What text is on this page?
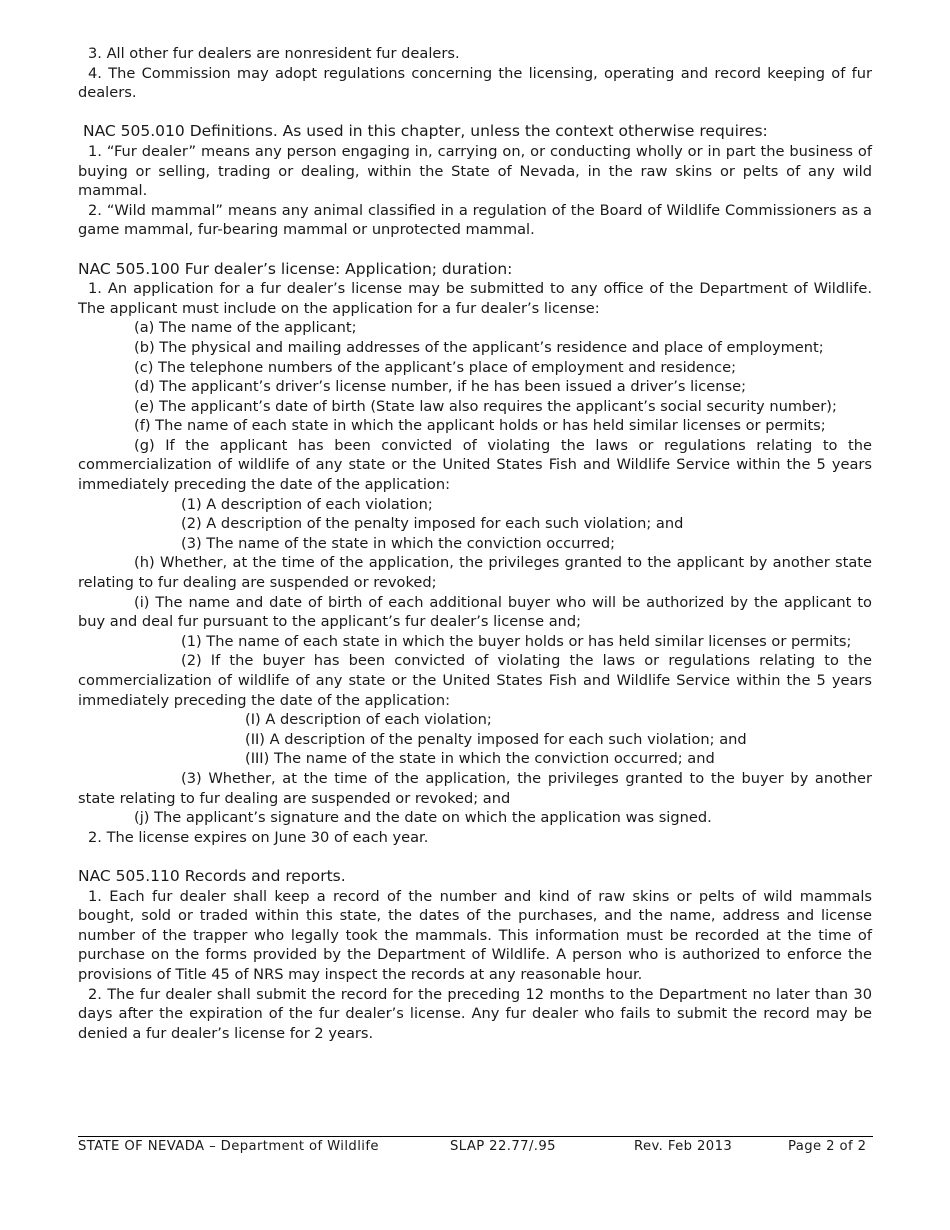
3. All other fur dealers are nonresident fur dealers.

4. The Commission may adopt regulations concerning the licensing, operating and record keeping of fur dealers.

NAC 505.010 Definitions. As used in this chapter, unless the context otherwise requires:

1. “Fur dealer” means any person engaging in, carrying on, or conducting wholly or in part the business of buying or selling, trading or dealing, within the State of Nevada, in the raw skins or pelts of any wild mammal.

2. “Wild mammal” means any animal classified in a regulation of the Board of Wildlife Commissioners as a game mammal, fur-bearing mammal or unprotected mammal.

NAC 505.100 Fur dealer’s license: Application; duration:

1. An application for a fur dealer’s license may be submitted to any office of the Department of Wildlife. The applicant must include on the application for a fur dealer’s license:

(a) The name of the applicant;

(b) The physical and mailing addresses of the applicant’s residence and place of employment;

(c) The telephone numbers of the applicant’s place of employment and residence;

(d) The applicant’s driver’s license number, if he has been issued a driver’s license;

(e) The applicant’s date of birth (State law also requires the applicant’s social security number);

(f) The name of each state in which the applicant holds or has held similar licenses or permits;

(g) If the applicant has been convicted of violating the laws or regulations relating to the commercialization of wildlife of any state or the United States Fish and Wildlife Service within the 5 years immediately preceding the date of the application:

(1) A description of each violation;

(2) A description of the penalty imposed for each such violation; and

(3) The name of the state in which the conviction occurred;

(h) Whether, at the time of the application, the privileges granted to the applicant by another state relating to fur dealing are suspended or revoked;

(i) The name and date of birth of each additional buyer who will be authorized by the applicant to buy and deal fur pursuant to the applicant’s fur dealer’s license and;

(1) The name of each state in which the buyer holds or has held similar licenses or permits;

(2) If the buyer has been convicted of violating the laws or regulations relating to the commercialization of wildlife of any state or the United States Fish and Wildlife Service within the 5 years immediately preceding the date of the application:

(I) A description of each violation;

(II) A description of the penalty imposed for each such violation; and

(III) The name of the state in which the conviction occurred; and

(3) Whether, at the time of the application, the privileges granted to the buyer by another state relating to fur dealing are suspended or revoked; and

(j) The applicant’s signature and the date on which the application was signed.

2. The license expires on June 30 of each year.

NAC 505.110 Records and reports.

1. Each fur dealer shall keep a record of the number and kind of raw skins or pelts of wild mammals bought, sold or traded within this state, the dates of the purchases, and the name, address and license number of the trapper who legally took the mammals. This information must be recorded at the time of purchase on the forms provided by the Department of Wildlife. A person who is authorized to enforce the provisions of Title 45 of NRS may inspect the records at any reasonable hour.

2. The fur dealer shall submit the record for the preceding 12 months to the Department no later than 30 days after the expiration of the fur dealer’s license. Any fur dealer who fails to submit the record may be denied a fur dealer’s license for 2 years.

STATE OF NEVADA – Department of Wildlife	SLAP 22.77/.95	Rev. Feb 2013	Page 2 of 2
